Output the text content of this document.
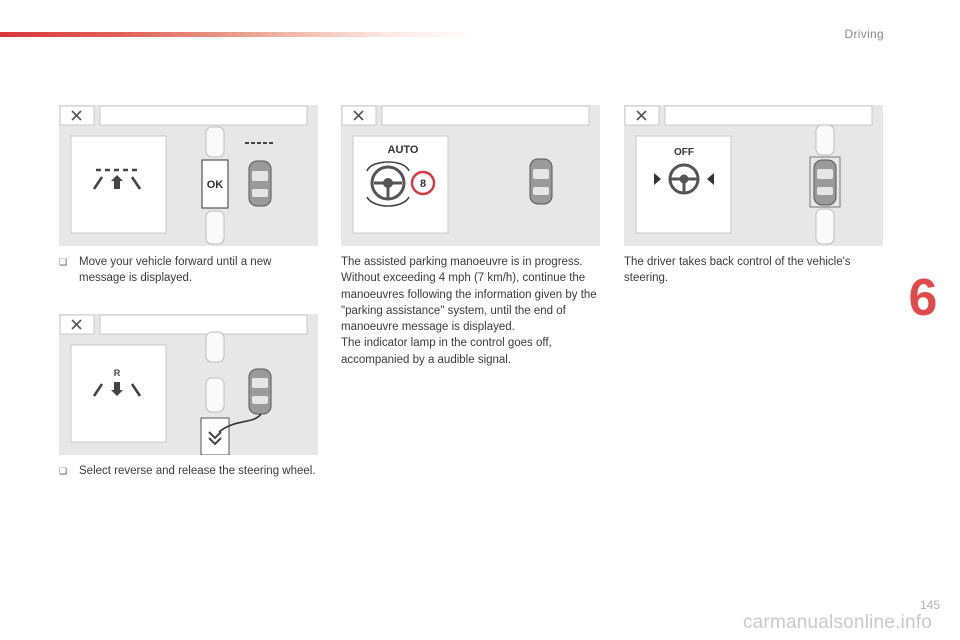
Driving
OK
❑ Move your vehicle forward until a new message is displayed.
R
❑ Select reverse and release the steering wheel.
AUTO
8
The assisted parking manoeuvre is in progress. Without exceeding 4 mph (7 km/h), continue the manoeuvres following the information given by the "parking assistance" system, until the end of manoeuvre message is displayed.
The indicator lamp in the control goes off, accompanied by a audible signal.
OFF
The driver takes back control of the vehicle's steering.	6
carmanualsonline.info
145
